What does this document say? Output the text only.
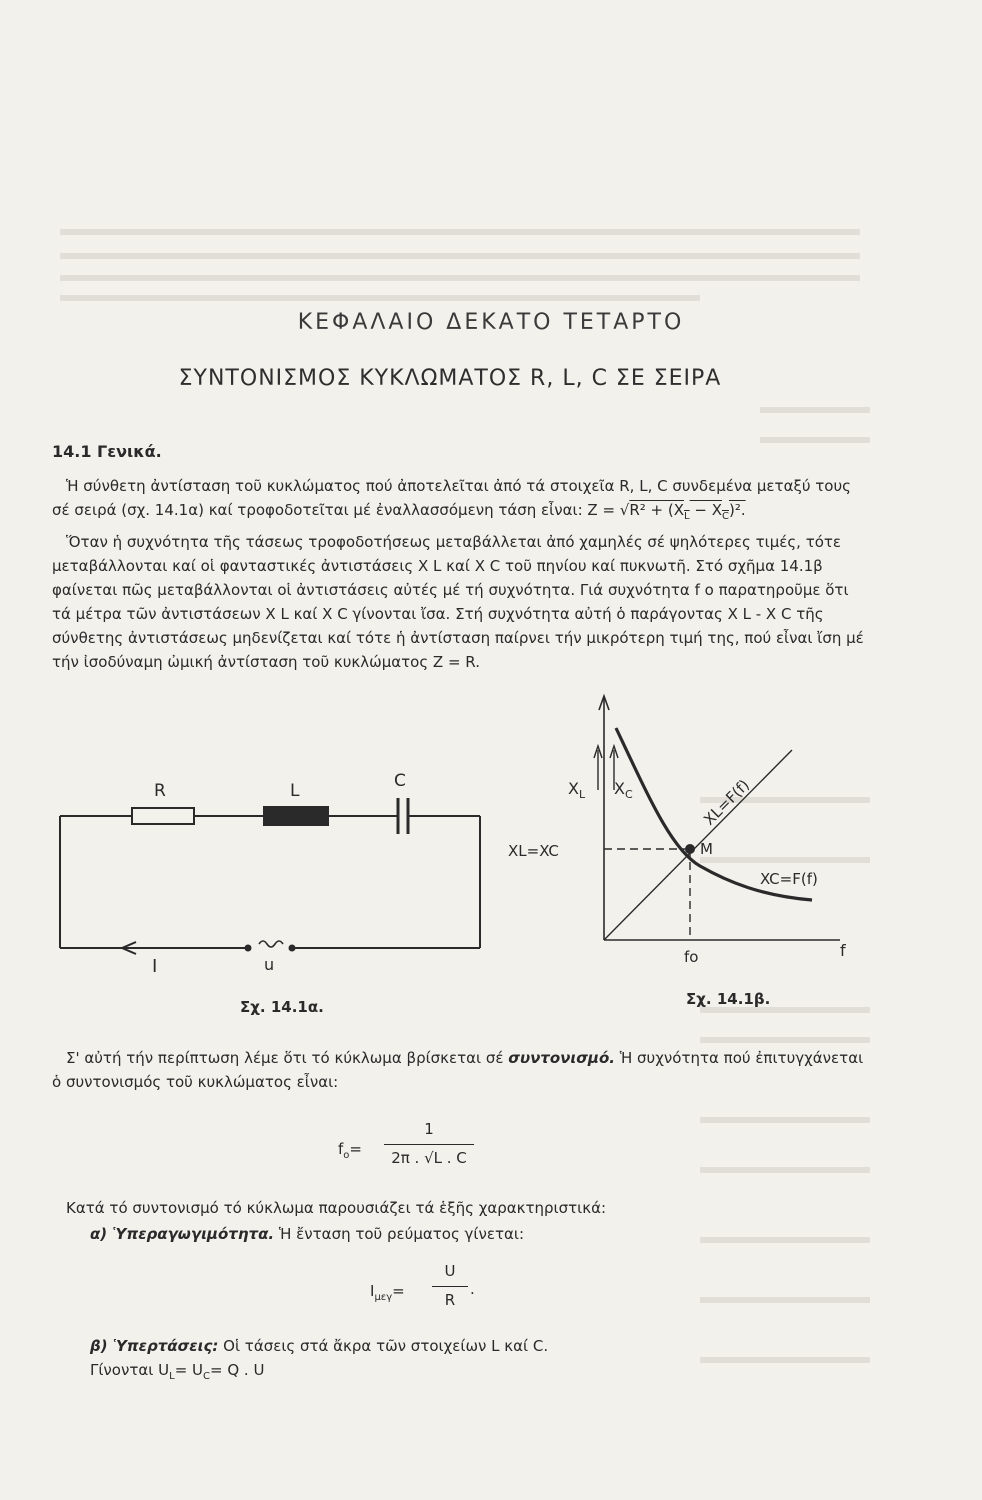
ΚΕΦΑΛΑΙΟ ΔΕΚΑΤΟ ΤΕΤΑΡΤΟ
ΣΥΝΤΟΝΙΣΜΟΣ ΚΥΚΛΩΜΑΤΟΣ R, L, C ΣΕ ΣΕΙΡΑ
14.1 Γενικά.
Ἡ σύνθετη ἀντίσταση τοῦ κυκλώματος πού ἀποτελεῖται ἀπό τά στοιχεῖα R, L, C συνδεμένα μεταξύ τους σέ σειρά (σχ. 14.1α) καί τροφοδοτεῖται μέ ἐναλλασσόμενη τάση εἶναι: $Z = √R^2 + (X_L - X_C)^2$.
Ὅταν ἡ συχνότητα τῆς τάσεως τροφοδοτήσεως μεταβάλλεται ἀπό χαμηλές σέ ψηλότερες τιμές, τότε μεταβάλλονται καί οἱ φανταστικές ἀντιστάσεις X L καί X C τοῦ πηνίου καί πυκνωτῆ. Στό σχῆμα 14.1β φαίνεται πῶς μεταβάλλονται οἱ ἀντιστάσεις αὐτές μέ τή συχνότητα. Γιά συχνότητα f o παρατηροῦμε ὅτι τά μέτρα τῶν ἀντιστάσεων X L καί X C γίνονται ἴσα. Στή συχνότητα αὐτή ὁ παράγοντας X L - X C τῆς σύνθετης ἀντιστάσεως μηδενίζεται καί τότε ἡ ἀντίσταση παίρνει τήν μικρότερη τιμή της, πού εἶναι ἴση μέ τήν ἰσοδύναμη ὠμική ἀντίσταση τοῦ κυκλώματος Z = R.
R	L	C
I	u
Σχ. 14.1α.
$X_L$ $X_C$
XL=XC	M
XC=F(f)
XL=F(f)
fo	f
Σχ. 14.1β.
Σ' αὐτή τήν περίπτωση λέμε ὅτι τό κύκλωμα βρίσκεται σέ συντονισμό. Ἡ συχνότητα πού ἐπιτυγχάνεται ὁ συντονισμός τοῦ κυκλώματος εἶναι:
$f_o= \frac{1}{2\pi . √L . C}$
Κατά τό συντονισμό τό κύκλωμα παρουσιάζει τά ἑξῆς χαρακτηριστικά:
α) Ὑπεραγωγιμότητα. Ἡ ἔνταση τοῦ ρεύματος γίνεται:
$I_{\mu\varepsilon\gamma}= \frac{U}{R}$ .
β) Ὑπερτάσεις: Οἱ τάσεις στά ἄκρα τῶν στοιχείων L καί C.
Γίνονται $U_L= U_C= Q$ . U
